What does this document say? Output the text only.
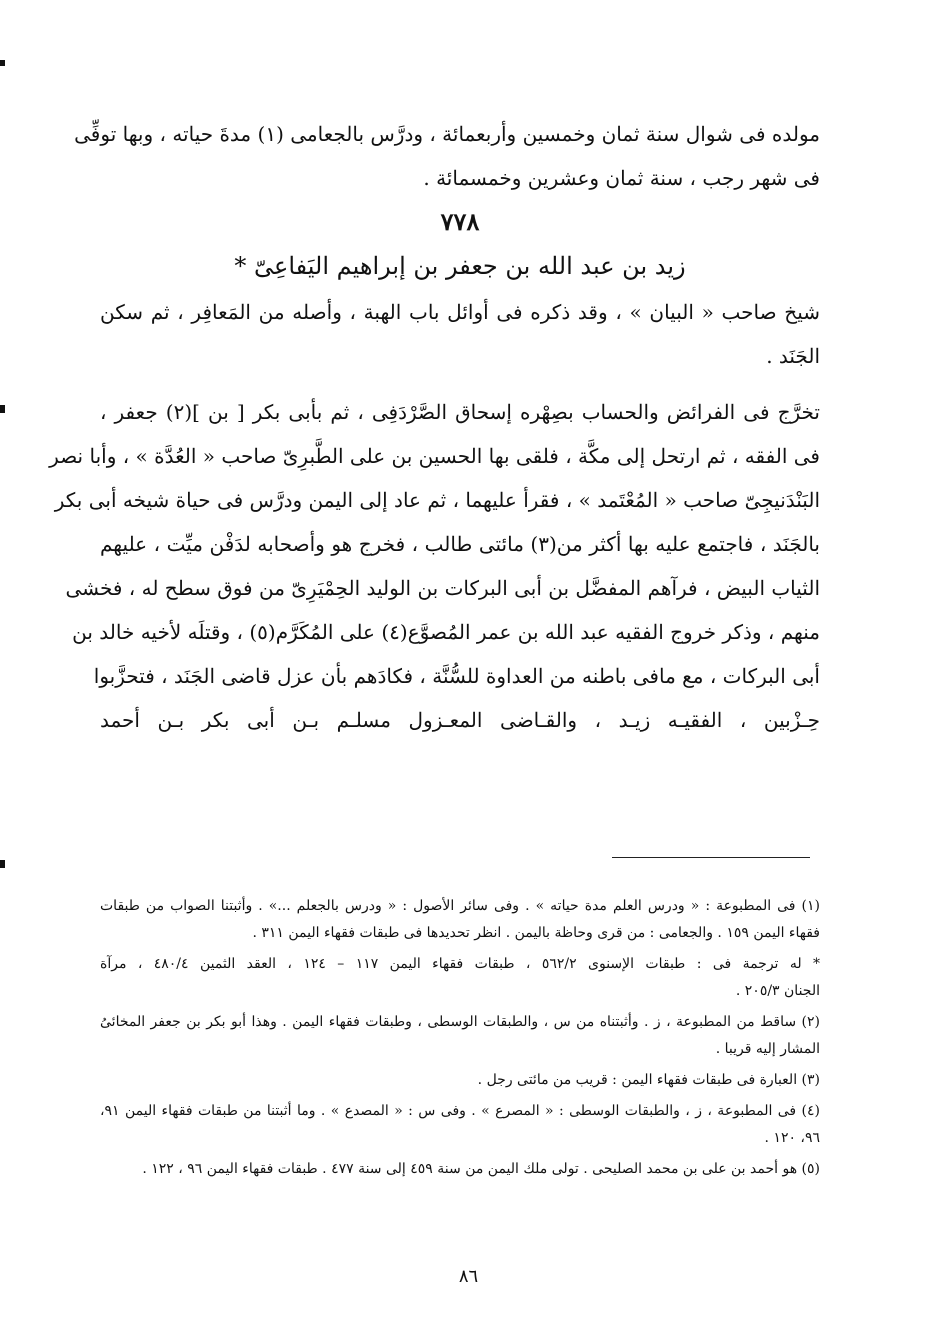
مولده فى شوال سنة ثمان وخمسين وأربعمائة ، ودرَّس بالجعامى (١) مدةَ حياته ، وبها توفِّى
فى شهر رجب ، سنة ثمان وعشرين وخمسمائة .
٧٧٨
زيد بن عبد الله بن جعفر بن إبراهيم اليَفاعِىّ *
شيخ صاحب « البيان » ، وقد ذكره فى أوائل باب الهبة ، وأصله من المَعافِر ، ثم سكن
الجَنَد .
تخرَّج فى الفرائض والحساب بصِهْره إسحاق الصَّرْدَفِى ، ثم بأبى بكر [ بن ](٢) جعفر ،
فى الفقه ، ثم ارتحل إلى مكَّة ، فلقى بها الحسين بن على الطَّبرِىّ صاحب « العُدَّة » ، وأبا نصر
البَنْدَنيجِىّ صاحب « المُعْتَمد » ، فقرأ عليهما ، ثم عاد إلى اليمن ودرَّس فى حياة شيخه أبى بكر
بالجَنَد ، فاجتمع عليه بها أكثر من(٣) مائتى طالب ، فخرج هو وأصحابه لدَفْن ميِّت ، عليهم
الثياب البيض ، فرآهم المفضَّل بن أبى البركات بن الوليد الحِمْيَرِىّ من فوق سطح له ، فخشى
منهم ، وذكر خروج الفقيه عبد الله بن عمر المُصوَّع(٤) على المُكَرَّم(٥) ، وقتلَه لأخيه خالد بن
أبى البركات ، مع مافى باطنه من العداوة للسُّنَّة ، فكادَهم بأن عزل قاضى الجَنَد ، فتحزَّبوا
حِـزْبين ، الفقيـه زيـد ، والقـاضى المعـزول مسلـم بـن أبى بكر بـن أحمد
(١) فى المطبوعة : « ودرس العلم مدة حياته » . وفى سائر الأصول : « ودرس بالجعلم ...» . وأثبتنا الصواب من طبقات
فقهاء اليمن ١٥٩ . والجعامى : من قرى وحاظة باليمن . انظر تحديدها فى طبقات فقهاء اليمن ٣١١ .
* له ترجمة فى : طبقات الإسنوى ٥٦٢/٢ ، طبقات فقهاء اليمن ١١٧ – ١٢٤ ، العقد الثمين ٤٨٠/٤ ، مرآة
الجنان ٢٠٥/٣ .
(٢) ساقط من المطبوعة ، ز . وأثبتناه من س ، والطبقات الوسطى ، وطبقات فقهاء اليمن . وهذا أبو بكر بن جعفر المخائىُ
المشار إليه قريبا .
(٣) العبارة فى طبقات فقهاء اليمن : قريب من مائتى رجل .
(٤) فى المطبوعة ، ز ، والطبقات الوسطى : « المصرع » . وفى س : « المصدع » . وما أثبتنا من طبقات فقهاء اليمن ٩١،
٩٦، ١٢٠ .
(٥) هو أحمد بن على بن محمد الصليحى . تولى ملك اليمن من سنة ٤٥٩ إلى سنة ٤٧٧ . طبقات فقهاء اليمن ٩٦ ، ١٢٢ .
٨٦
